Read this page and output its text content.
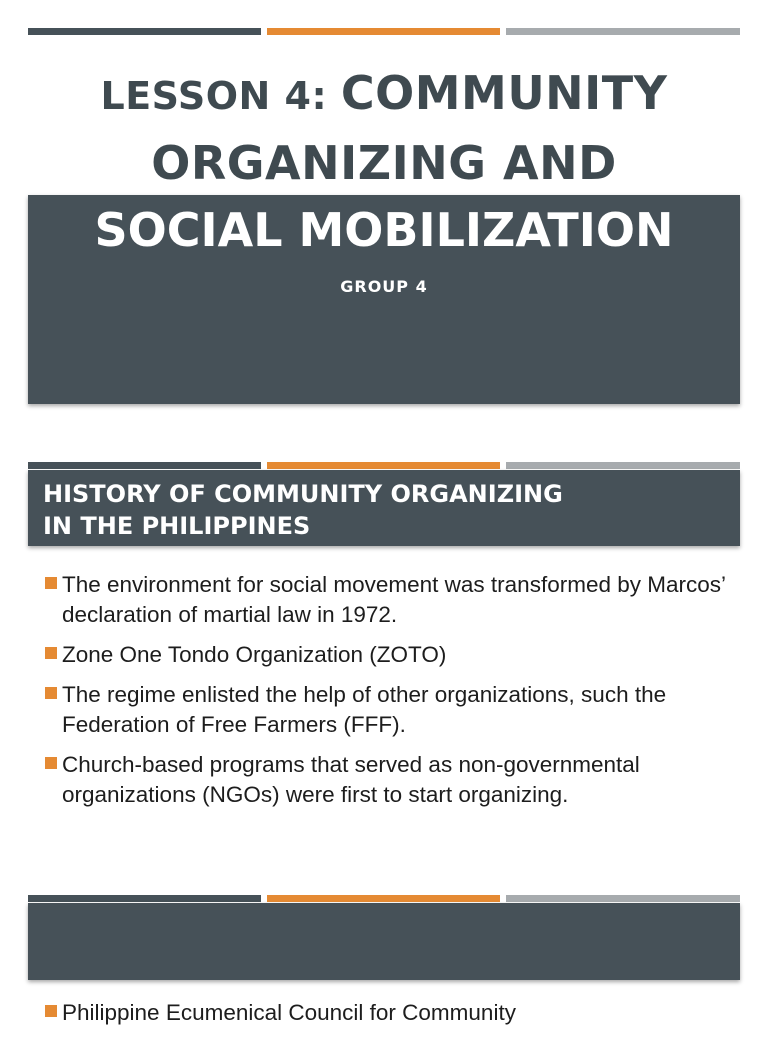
LESSON 4: COMMUNITY
ORGANIZING AND
SOCIAL MOBILIZATION
GROUP 4
HISTORY OF COMMUNITY ORGANIZING
IN THE PHILIPPINES
The environment for social movement was transformed by Marcos’ declaration of martial law in 1972.
Zone One Tondo Organization (ZOTO)
The regime enlisted the help of other organizations, such the Federation of Free Farmers (FFF).
Church-based programs that served as non-governmental organizations (NGOs) were first to start organizing.
Philippine Ecumenical Council for Community
